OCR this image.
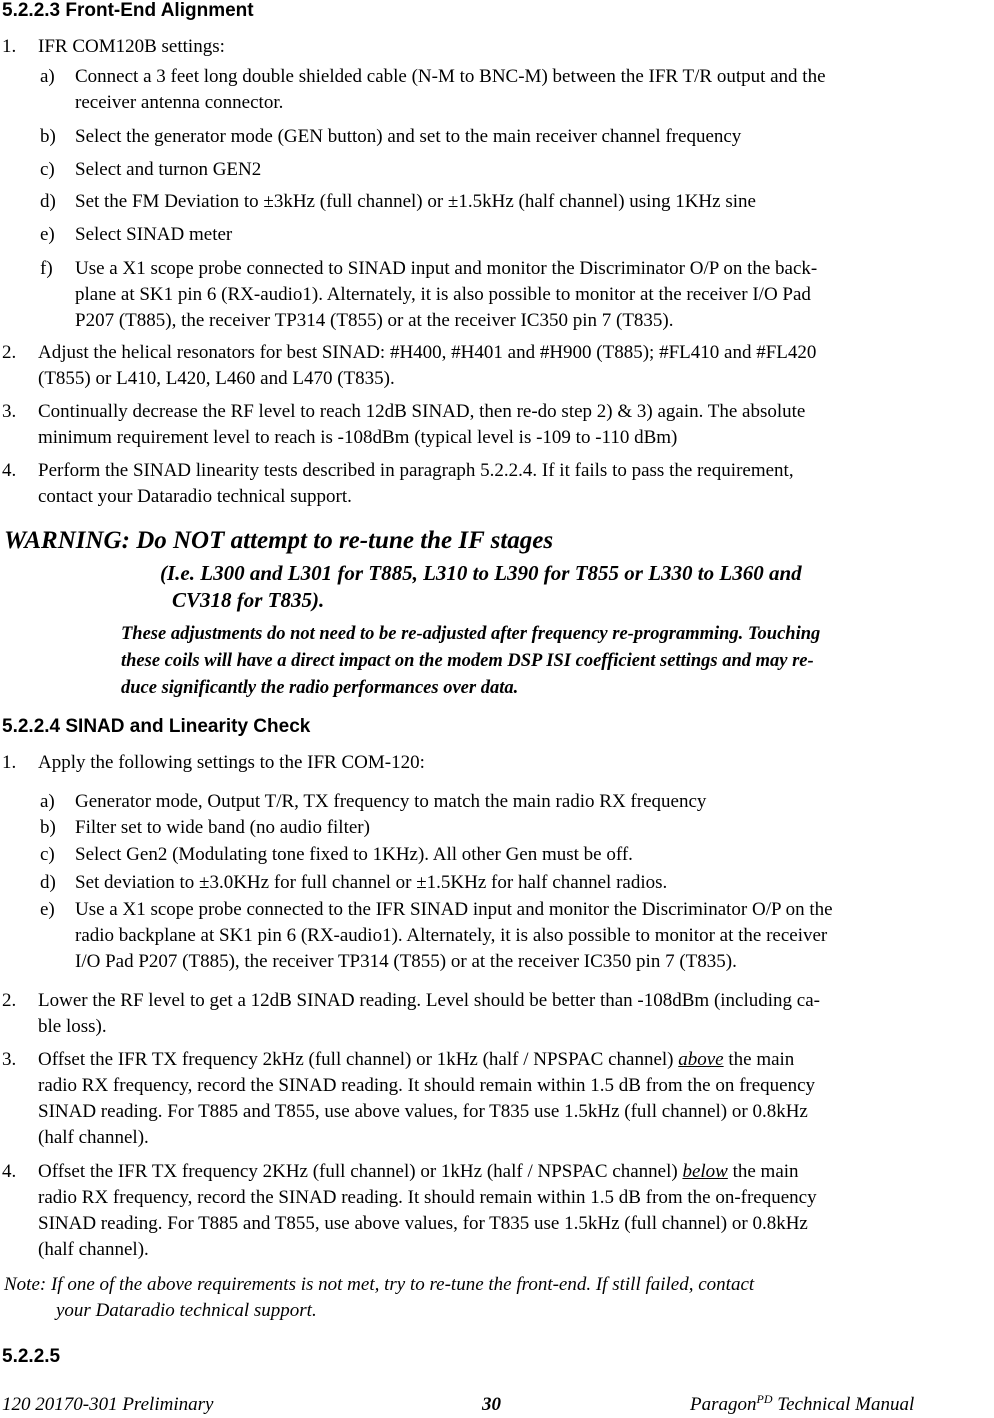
5.2.2.3 Front-End Alignment
1. IFR COM120B settings:
a) Connect a 3 feet long double shielded cable (N-M to BNC-M) between the IFR T/R output and the
receiver antenna connector.
b) Select the generator mode (GEN button) and set to the main receiver channel frequency
c) Select and turnon GEN2
d) Set the FM Deviation to ±3kHz (full channel) or ±1.5kHz (half channel) using 1KHz sine
e) Select SINAD meter
f) Use a X1 scope probe connected to SINAD input and monitor the Discriminator O/P on the back-
plane at SK1 pin 6 (RX-audio1). Alternately, it is also possible to monitor at the receiver I/O Pad
P207 (T885), the receiver TP314 (T855) or at the receiver IC350 pin 7 (T835).
2. Adjust the helical resonators for best SINAD: #H400, #H401 and #H900 (T885); #FL410 and #FL420
(T855) or L410, L420, L460 and L470 (T835).
3. Continually decrease the RF level to reach 12dB SINAD, then re-do step 2) & 3) again. The absolute
minimum requirement level to reach is -108dBm (typical level is -109 to -110 dBm)
4. Perform the SINAD linearity tests described in paragraph 5.2.2.4. If it fails to pass the requirement,
contact your Dataradio technical support.
WARNING: Do NOT attempt to re-tune the IF stages
(I.e. L300 and L301 for T885, L310 to L390 for T855 or L330 to L360 and
CV318 for T835).
These adjustments do not need to be re-adjusted after frequency re-programming. Touching
these coils will have a direct impact on the modem DSP ISI coefficient settings and may re-
duce significantly the radio performances over data.
5.2.2.4 SINAD and Linearity Check
1. Apply the following settings to the IFR COM-120:
a) Generator mode, Output T/R, TX frequency to match the main radio RX frequency
b) Filter set to wide band (no audio filter)
c) Select Gen2 (Modulating tone fixed to 1KHz). All other Gen must be off.
d) Set deviation to ±3.0KHz for full channel or ±1.5KHz for half channel radios.
e) Use a X1 scope probe connected to the IFR SINAD input and monitor the Discriminator O/P on the
radio backplane at SK1 pin 6 (RX-audio1). Alternately, it is also possible to monitor at the receiver
I/O Pad P207 (T885), the receiver TP314 (T855) or at the receiver IC350 pin 7 (T835).
2. Lower the RF level to get a 12dB SINAD reading. Level should be better than -108dBm (including ca-
ble loss).
3. Offset the IFR TX frequency 2kHz (full channel) or 1kHz (half / NPSPAC channel) above the main
radio RX frequency, record the SINAD reading. It should remain within 1.5 dB from the on frequency
SINAD reading. For T885 and T855, use above values, for T835 use 1.5kHz (full channel) or 0.8kHz
(half channel).
4. Offset the IFR TX frequency 2KHz (full channel) or 1kHz (half / NPSPAC channel) below the main
radio RX frequency, record the SINAD reading. It should remain within 1.5 dB from the on-frequency
SINAD reading. For T885 and T855, use above values, for T835 use 1.5kHz (full channel) or 0.8kHz
(half channel).
Note: If one of the above requirements is not met, try to re-tune the front-end. If still failed, contact
your Dataradio technical support.
5.2.2.5
120 20170-301 Preliminary	30	Paragon$^{PD}$ Technical Manual
